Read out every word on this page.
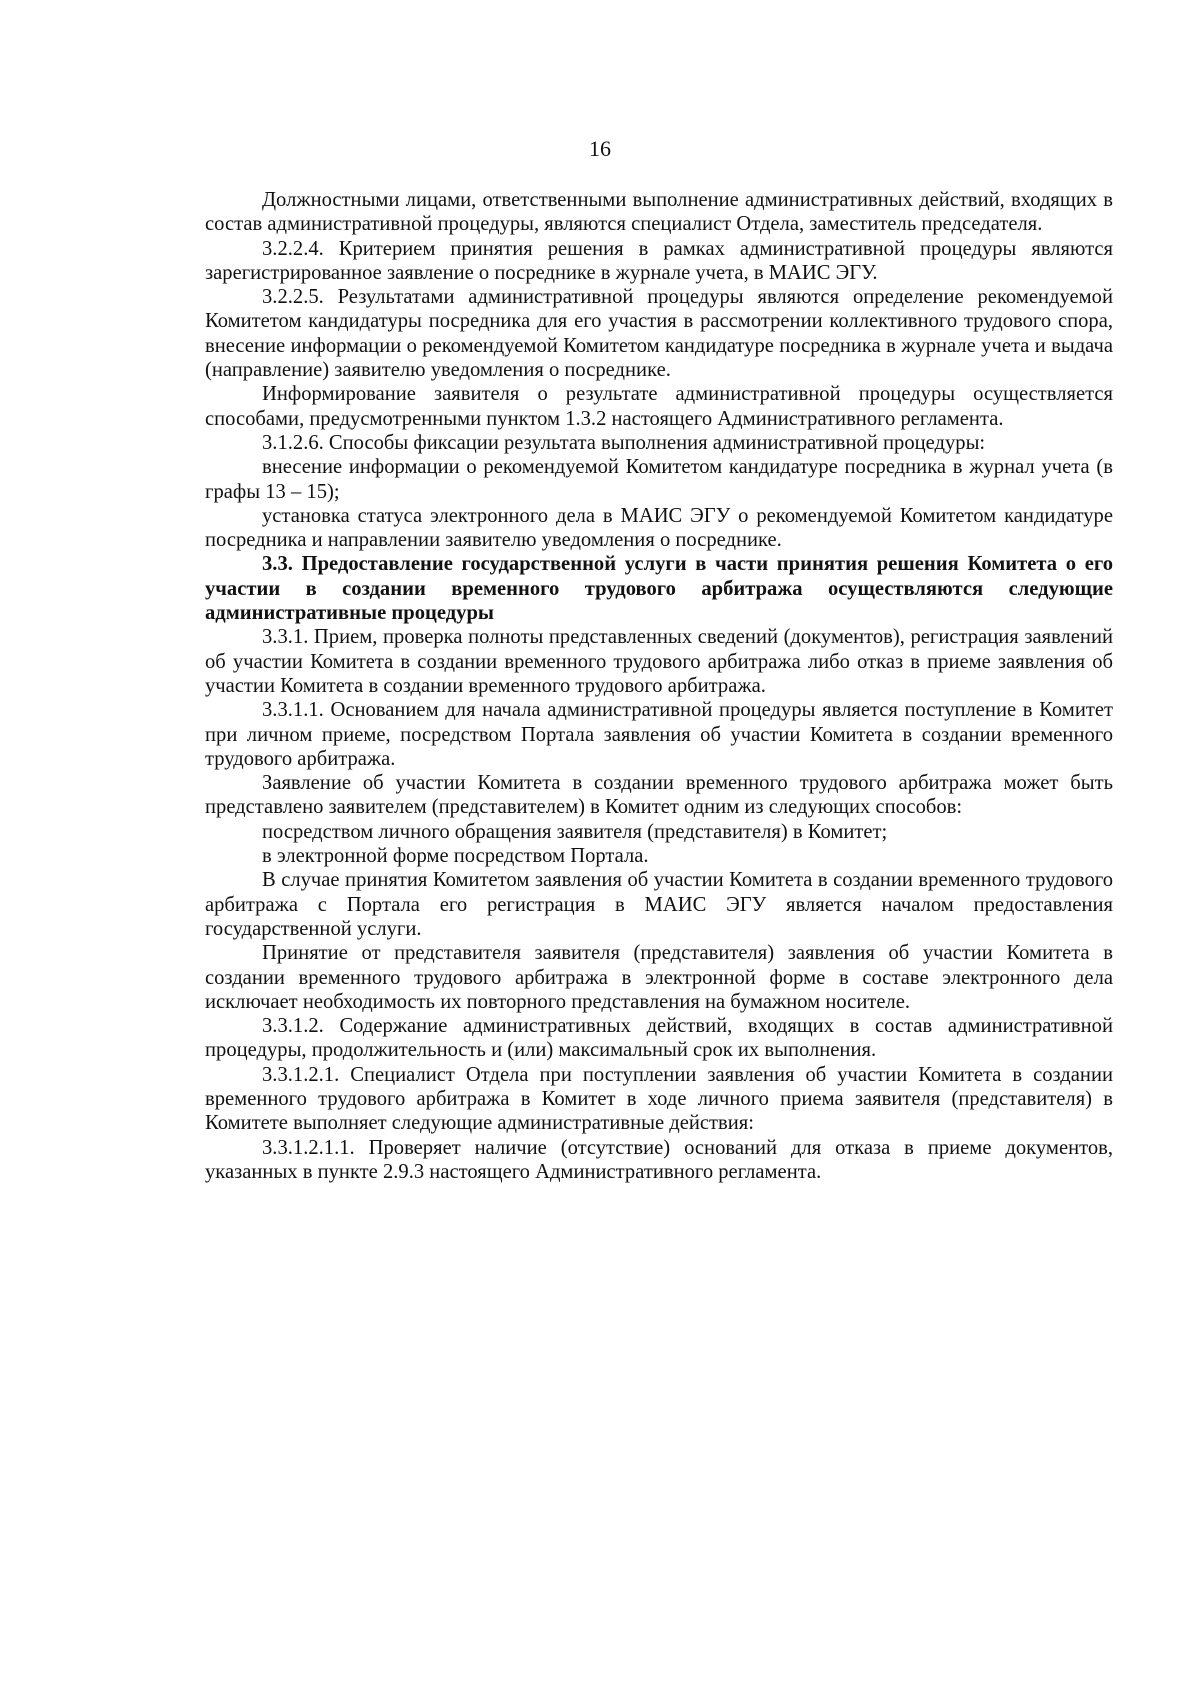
16

Должностными лицами, ответственными выполнение административных действий, входящих в состав административной процедуры, являются специалист Отдела, заместитель председателя.

3.2.2.4. Критерием принятия решения в рамках административной процедуры являются зарегистрированное заявление о посреднике в журнале учета, в МАИС ЭГУ.

3.2.2.5. Результатами административной процедуры являются определение рекомендуемой Комитетом кандидатуры посредника для его участия в рассмотрении коллективного трудового спора, внесение информации о рекомендуемой Комитетом кандидатуре посредника в журнале учета и выдача (направление) заявителю уведомления о посреднике.

Информирование заявителя о результате административной процедуры осуществляется способами, предусмотренными пунктом 1.3.2 настоящего Административного регламента.

3.1.2.6. Способы фиксации результата выполнения административной процедуры:

внесение информации о рекомендуемой Комитетом кандидатуре посредника в журнал учета (в графы 13 – 15);

установка статуса электронного дела в МАИС ЭГУ о рекомендуемой Комитетом кандидатуре посредника и направлении заявителю уведомления о посреднике.

3.3. Предоставление государственной услуги в части принятия решения Комитета о его участии в создании временного трудового арбитража осуществляются следующие административные процедуры

3.3.1. Прием, проверка полноты представленных сведений (документов), регистрация заявлений об участии Комитета в создании временного трудового арбитража либо отказ в приеме заявления об участии Комитета в создании временного трудового арбитража.

3.3.1.1. Основанием для начала административной процедуры является поступление в Комитет при личном приеме, посредством Портала заявления об участии Комитета в создании временного трудового арбитража.

Заявление об участии Комитета в создании временного трудового арбитража может быть представлено заявителем (представителем) в Комитет одним из следующих способов:

посредством личного обращения заявителя (представителя) в Комитет;

в электронной форме посредством Портала.

В случае принятия Комитетом заявления об участии Комитета в создании временного трудового арбитража с Портала его регистрация в МАИС ЭГУ является началом предоставления государственной услуги.

Принятие от представителя заявителя (представителя) заявления об участии Комитета в создании временного трудового арбитража в электронной форме в составе электронного дела исключает необходимость их повторного представления на бумажном носителе.

3.3.1.2. Содержание административных действий, входящих в состав административной процедуры, продолжительность и (или) максимальный срок их выполнения.

3.3.1.2.1. Специалист Отдела при поступлении заявления об участии Комитета в создании временного трудового арбитража в Комитет в ходе личного приема заявителя (представителя) в Комитете выполняет следующие административные действия:

3.3.1.2.1.1. Проверяет наличие (отсутствие) оснований для отказа в приеме документов, указанных в пункте 2.9.3 настоящего Административного регламента.
